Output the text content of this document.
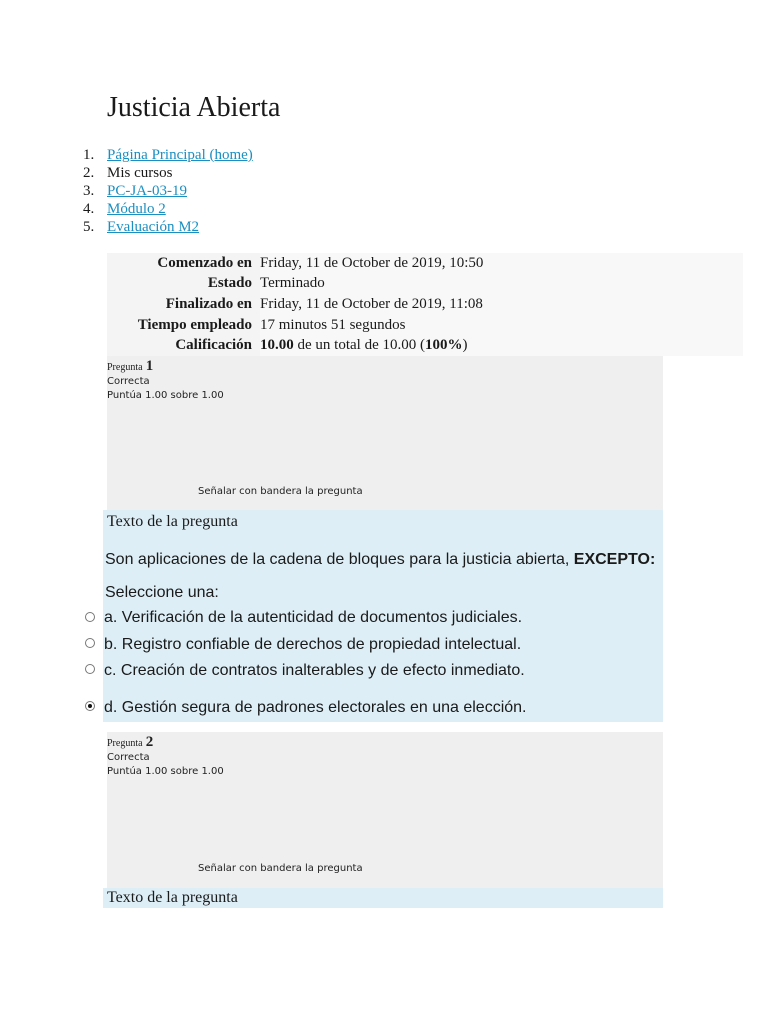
Justicia Abierta
1. Página Principal (home)
2. Mis cursos
3. PC-JA-03-19
4. Módulo 2
5. Evaluación M2
Comenzado en	Friday, 11 de October de 2019, 10:50
Estado	Terminado
Finalizado en	Friday, 11 de October de 2019, 11:08
Tiempo empleado	17 minutos 51 segundos
Calificación	10.00 de un total de 10.00 (100%)
Pregunta 1
Correcta
Puntúa 1.00 sobre 1.00
Señalar con bandera la pregunta
Texto de la pregunta
Son aplicaciones de la cadena de bloques para la justicia abierta, EXCEPTO:
Seleccione una:
a. Verificación de la autenticidad de documentos judiciales.
b. Registro confiable de derechos de propiedad intelectual.
c. Creación de contratos inalterables y de efecto inmediato.
d. Gestión segura de padrones electorales en una elección.
Pregunta 2
Correcta
Puntúa 1.00 sobre 1.00
Señalar con bandera la pregunta
Texto de la pregunta
